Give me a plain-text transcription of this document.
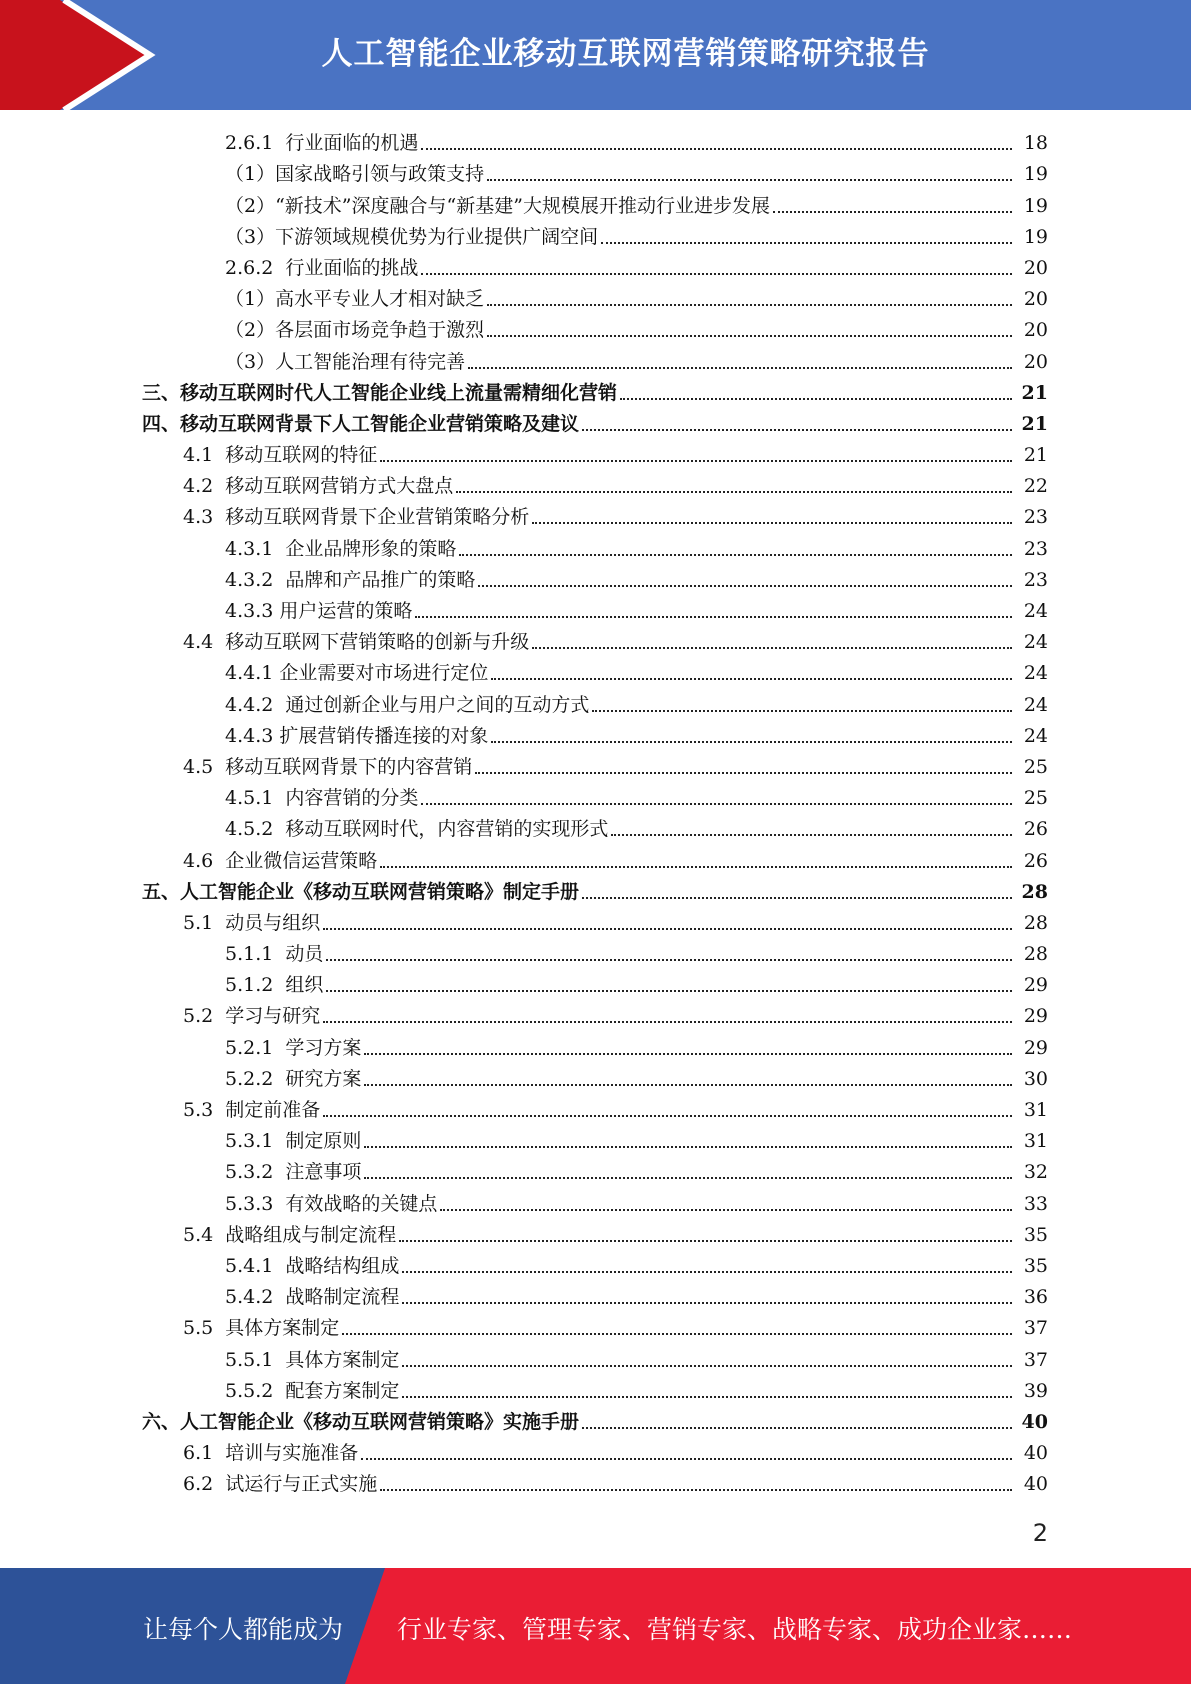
人工智能企业移动互联网营销策略研究报告
2.6.1  行业面临的机遇	18
（1）国家战略引领与政策支持	19
（2）“新技术”深度融合与“新基建”大规模展开推动行业进步发展	19
（3）下游领域规模优势为行业提供广阔空间	19
2.6.2  行业面临的挑战	20
（1）高水平专业人才相对缺乏	20
（2）各层面市场竞争趋于激烈	20
（3）人工智能治理有待完善	20
三、移动互联网时代人工智能企业线上流量需精细化营销	21
四、移动互联网背景下人工智能企业营销策略及建议	21
4.1  移动互联网的特征	21
4.2  移动互联网营销方式大盘点	22
4.3  移动互联网背景下企业营销策略分析	23
4.3.1  企业品牌形象的策略	23
4.3.2  品牌和产品推广的策略	23
4.3.3 用户运营的策略	24
4.4  移动互联网下营销策略的创新与升级	24
4.4.1 企业需要对市场进行定位	24
4.4.2  通过创新企业与用户之间的互动方式	24
4.4.3 扩展营销传播连接的对象	24
4.5  移动互联网背景下的内容营销	25
4.5.1  内容营销的分类	25
4.5.2  移动互联网时代，内容营销的实现形式	26
4.6  企业微信运营策略	26
五、人工智能企业《移动互联网营销策略》制定手册	28
5.1  动员与组织	28
5.1.1  动员	28
5.1.2  组织	29
5.2  学习与研究	29
5.2.1  学习方案	29
5.2.2  研究方案	30
5.3  制定前准备	31
5.3.1  制定原则	31
5.3.2  注意事项	32
5.3.3  有效战略的关键点	33
5.4  战略组成与制定流程	35
5.4.1  战略结构组成	35
5.4.2  战略制定流程	36
5.5  具体方案制定	37
5.5.1  具体方案制定	37
5.5.2  配套方案制定	39
六、人工智能企业《移动互联网营销策略》实施手册	40
6.1  培训与实施准备	40
6.2  试运行与正式实施	40
2
让每个人都能成为 行业专家、管理专家、营销专家、战略专家、成功企业家……
